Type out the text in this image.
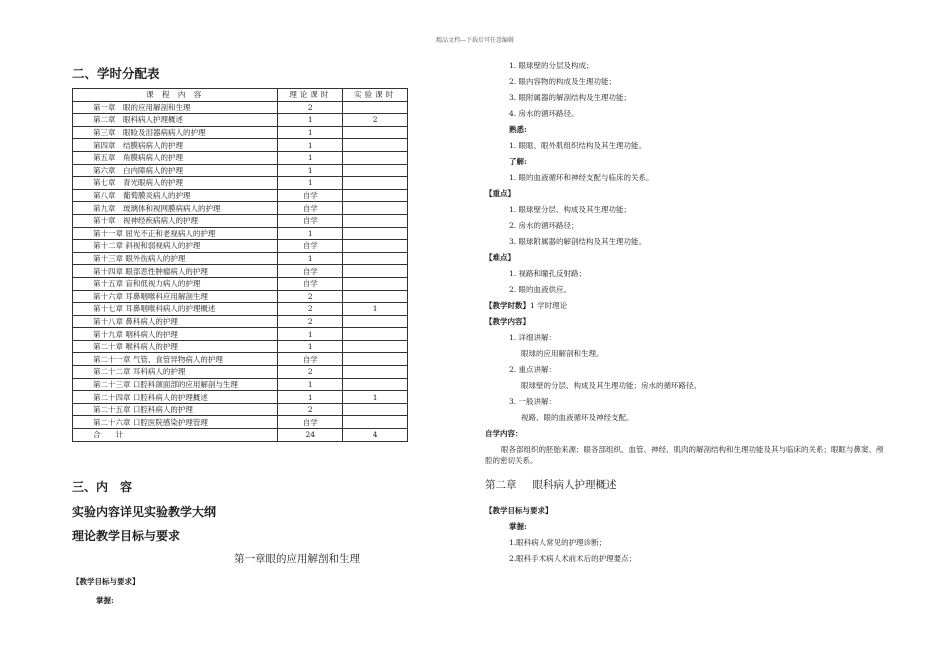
精品文档---下载后可任意编辑
二、学时分配表
课 程 内 容	理论课时	实验课时
第一章　眼的应用解剖和生理	2	
第二章　眼科病人护理概述	1	2
第三章　眼睑及泪器病病人的护理	1	
第四章　结膜病病人的护理	1	
第五章　角膜病病人的护理	1	
第六章　白内障病人的护理	1	
第七章　青光眼病人的护理	1	
第八章　葡萄膜炎病人的护理	自学	
第九章　玻璃体和视网膜病病人的护理	自学	
第十章　视神经疾病病人的护理	自学	
第十一章 屈光不正和老视病人的护理	1	
第十二章 斜视和弱视病人的护理	自学	
第十三章 眼外伤病人的护理	1	
第十四章 眼部恶性肿瘤病人的护理	自学	
第十五章 盲和低视力病人的护理	自学	
第十六章 耳鼻咽喉科应用解剖生理	2	
第十七章 耳鼻咽喉科病人的护理概述	2	1
第十八章 鼻科病人的护理	2	
第十九章 咽科病人的护理	1	
第二十章 喉科病人的护理	1	
第二十一章 气管、食管异物病人的护理	自学	
第二十二章 耳科病人的护理	2	
第二十三章 口腔科颌面部的应用解剖与生理	1	
第二十四章 口腔科病人的护理概述	1	1
第二十五章 口腔科病人的护理	2	
第二十六章 口腔医院感染护理管理	自学	
合　　计	24	4
三、内　容
实验内容详见实验教学大纲
理论教学目标与要求
第一章眼的应用解剖和生理
【教学目标与要求】
掌握:

1. 眼球壁的分层及构成；

2. 眼内容物的构成及生理功能；

3. 眼附属器的解剖结构及生理功能；

4. 房水的循环路径。

熟悉:

1. 眼眶、眼外肌组织结构及其生理功能。

了解:

1. 眼的血液循环和神经支配与临床的关系。

【重点】

1. 眼球壁分层、构成及其生理功能；

2. 房水的循环路径；

3. 眼球附属器的解剖结构及其生理功能。

【难点】

1. 视路和瞳孔反射路；

2. 眼的血液供应。

【教学时数】1 学时理论

【教学内容】

1. 详细讲解：

眼球的应用解剖和生理。

2. 重点讲解：

眼球壁的分层、构成及其生理功能；房水的循环路径。

3. 一般讲解：

视路、眼的血液循环及神经支配。

自学内容：

眼各部组织的胚胎来源；眼各部组织、血管、神经、肌肉的解剖结构和生理功能及其与临床的关系；眼眶与鼻窦、颅腔的密切关系。

第二章 眼科病人护理概述

【教学目标与要求】

掌握:

1.眼科病人常见的护理诊断；

2.眼科手术病人术前术后的护理要点；
